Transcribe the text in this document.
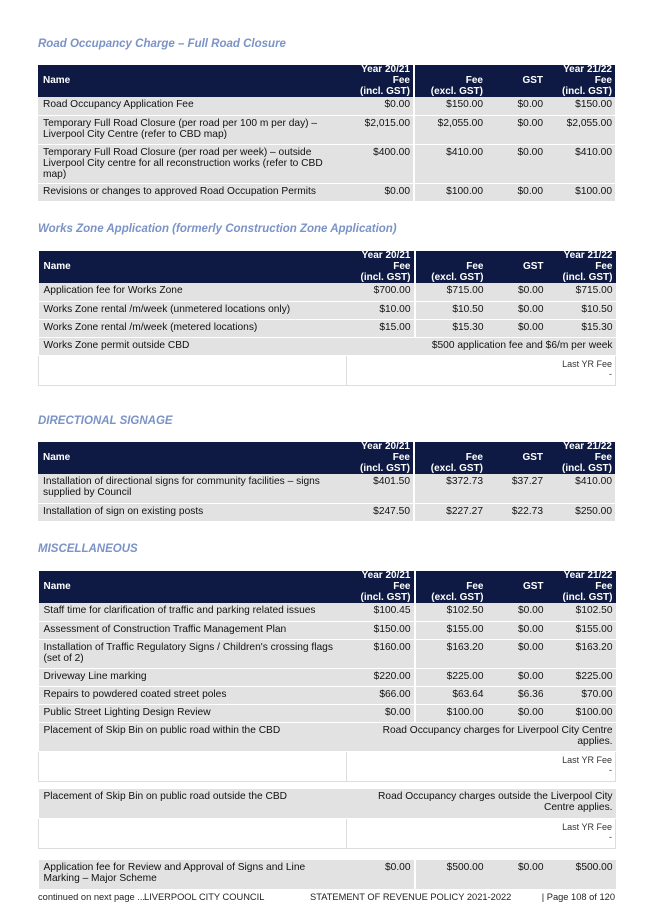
Road Occupancy Charge – Full Road Closure
Name	Year 20/21			Year 21/22
	Fee	Fee	GST	Fee
	(incl. GST)	(excl. GST)		(incl. GST)
Road Occupancy Application Fee	$0.00	$150.00	$0.00	$150.00
Temporary Full Road Closure (per road per 100 m per day) – Liverpool City Centre (refer to CBD map)	$2,015.00	$2,055.00	$0.00	$2,055.00
Temporary Full Road Closure (per road per week) – outside Liverpool City centre for all reconstruction works (refer to CBD map)	$400.00	$410.00	$0.00	$410.00
Revisions or changes to approved Road Occupation Permits	$0.00	$100.00	$0.00	$100.00
Works Zone Application (formerly Construction Zone Application)
Name	Year 20/21			Year 21/22
	Fee	Fee	GST	Fee
	(incl. GST)	(excl. GST)		(incl. GST)
Application fee for Works Zone	$700.00	$715.00	$0.00	$715.00
Works Zone rental /m/week (unmetered locations only)	$10.00	$10.50	$0.00	$10.50
Works Zone rental /m/week (metered locations)	$15.00	$15.30	$0.00	$15.30
Works Zone permit outside CBD	$500 application fee and $6/m per week			

	Last YR Fee
-			
DIRECTIONAL SIGNAGE
Name	Year 20/21			Year 21/22
	Fee	Fee	GST	Fee
	(incl. GST)	(excl. GST)		(incl. GST)
Installation of directional signs for community facilities – signs supplied by Council	$401.50	$372.73	$37.27	$410.00
Installation of sign on existing posts	$247.50	$227.27	$22.73	$250.00
MISCELLANEOUS
Name	Year 20/21			Year 21/22
	Fee	Fee	GST	Fee
	(incl. GST)	(excl. GST)		(incl. GST)
Staff time for clarification of traffic and parking related issues	$100.45	$102.50	$0.00	$102.50
Assessment of Construction Traffic Management Plan	$150.00	$155.00	$0.00	$155.00
Installation of Traffic Regulatory Signs / Children's crossing flags (set of 2)	$160.00	$163.20	$0.00	$163.20
Driveway Line marking	$220.00	$225.00	$0.00	$225.00
Repairs to powdered coated street poles	$66.00	$63.64	$6.36	$70.00
Public Street Lighting Design Review	$0.00	$100.00	$0.00	$100.00
Placement of Skip Bin on public road within the CBD	Road Occupancy charges for Liverpool City Centre applies.			

	Last YR Fee
-			

Placement of Skip Bin on public road outside the CBD	Road Occupancy charges outside the Liverpool City Centre applies.			

	Last YR Fee
-			

Application fee for Review and Approval of Signs and Line Marking – Major Scheme	$0.00	$500.00	$0.00	$500.00
continued on next page ... LIVERPOOL CITY COUNCIL	STATEMENT OF REVENUE POLICY 2021-2022	| Page 108 of 120
